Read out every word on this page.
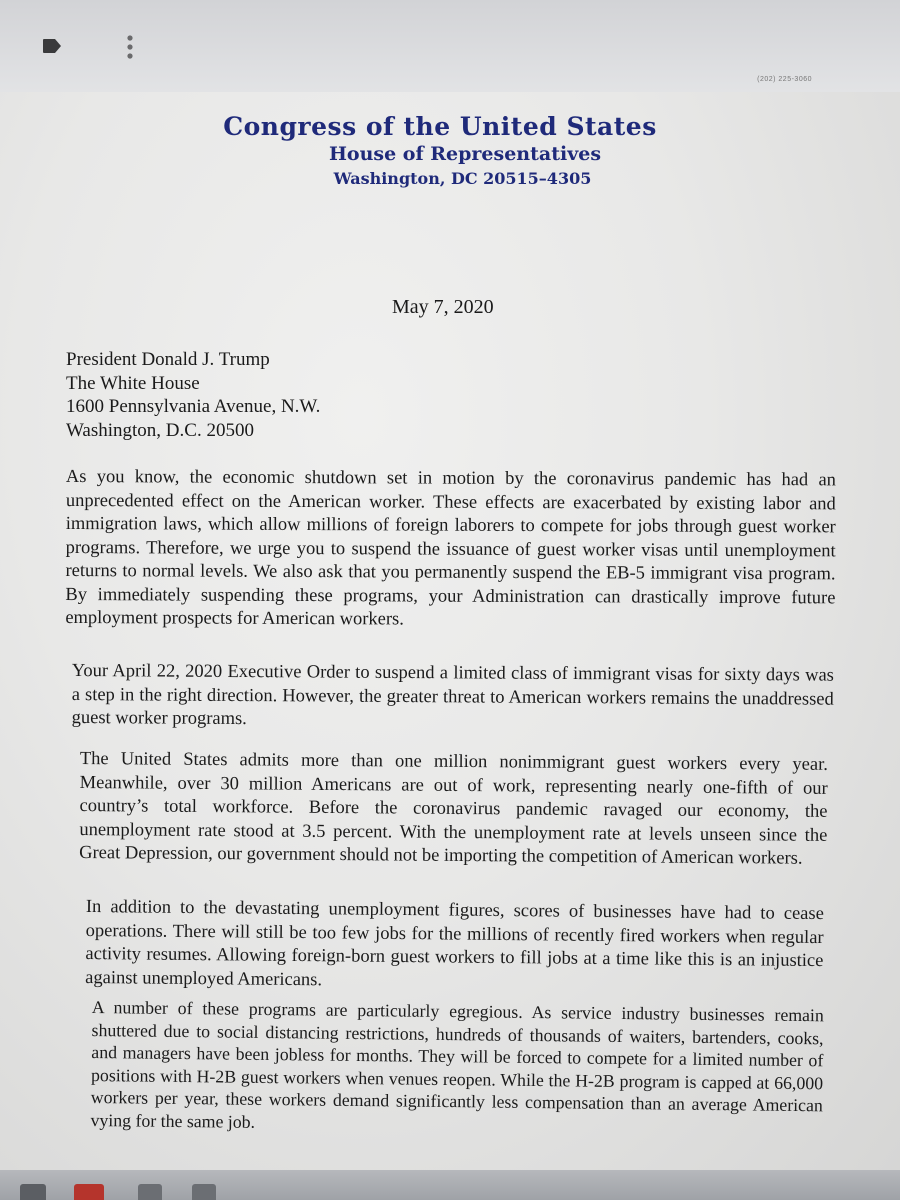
(202) 225-3060
Congress of the United States
House of Representatives
Washington, DC 20515–4305
May 7, 2020
President Donald J. Trump
The White House
1600 Pennsylvania Avenue, N.W.
Washington, D.C. 20500

As you know, the economic shutdown set in motion by the coronavirus pandemic has had an unprecedented effect on the American worker. These effects are exacerbated by existing labor and immigration laws, which allow millions of foreign laborers to compete for jobs through guest worker programs. Therefore, we urge you to suspend the issuance of guest worker visas until unemployment returns to normal levels. We also ask that you permanently suspend the EB-5 immigrant visa program. By immediately suspending these programs, your Administration can drastically improve future employment prospects for American workers.

Your April 22, 2020 Executive Order to suspend a limited class of immigrant visas for sixty days was a step in the right direction. However, the greater threat to American workers remains the unaddressed guest worker programs.

The United States admits more than one million nonimmigrant guest workers every year. Meanwhile, over 30 million Americans are out of work, representing nearly one-fifth of our country’s total workforce. Before the coronavirus pandemic ravaged our economy, the unemployment rate stood at 3.5 percent. With the unemployment rate at levels unseen since the Great Depression, our government should not be importing the competition of American workers.

In addition to the devastating unemployment figures, scores of businesses have had to cease operations. There will still be too few jobs for the millions of recently fired workers when regular activity resumes. Allowing foreign-born guest workers to fill jobs at a time like this is an injustice against unemployed Americans.

A number of these programs are particularly egregious. As service industry businesses remain shuttered due to social distancing restrictions, hundreds of thousands of waiters, bartenders, cooks, and managers have been jobless for months. They will be forced to compete for a limited number of positions with H-2B guest workers when venues reopen. While the H-2B program is capped at 66,000 workers per year, these workers demand significantly less compensation than an average American vying for the same job.
